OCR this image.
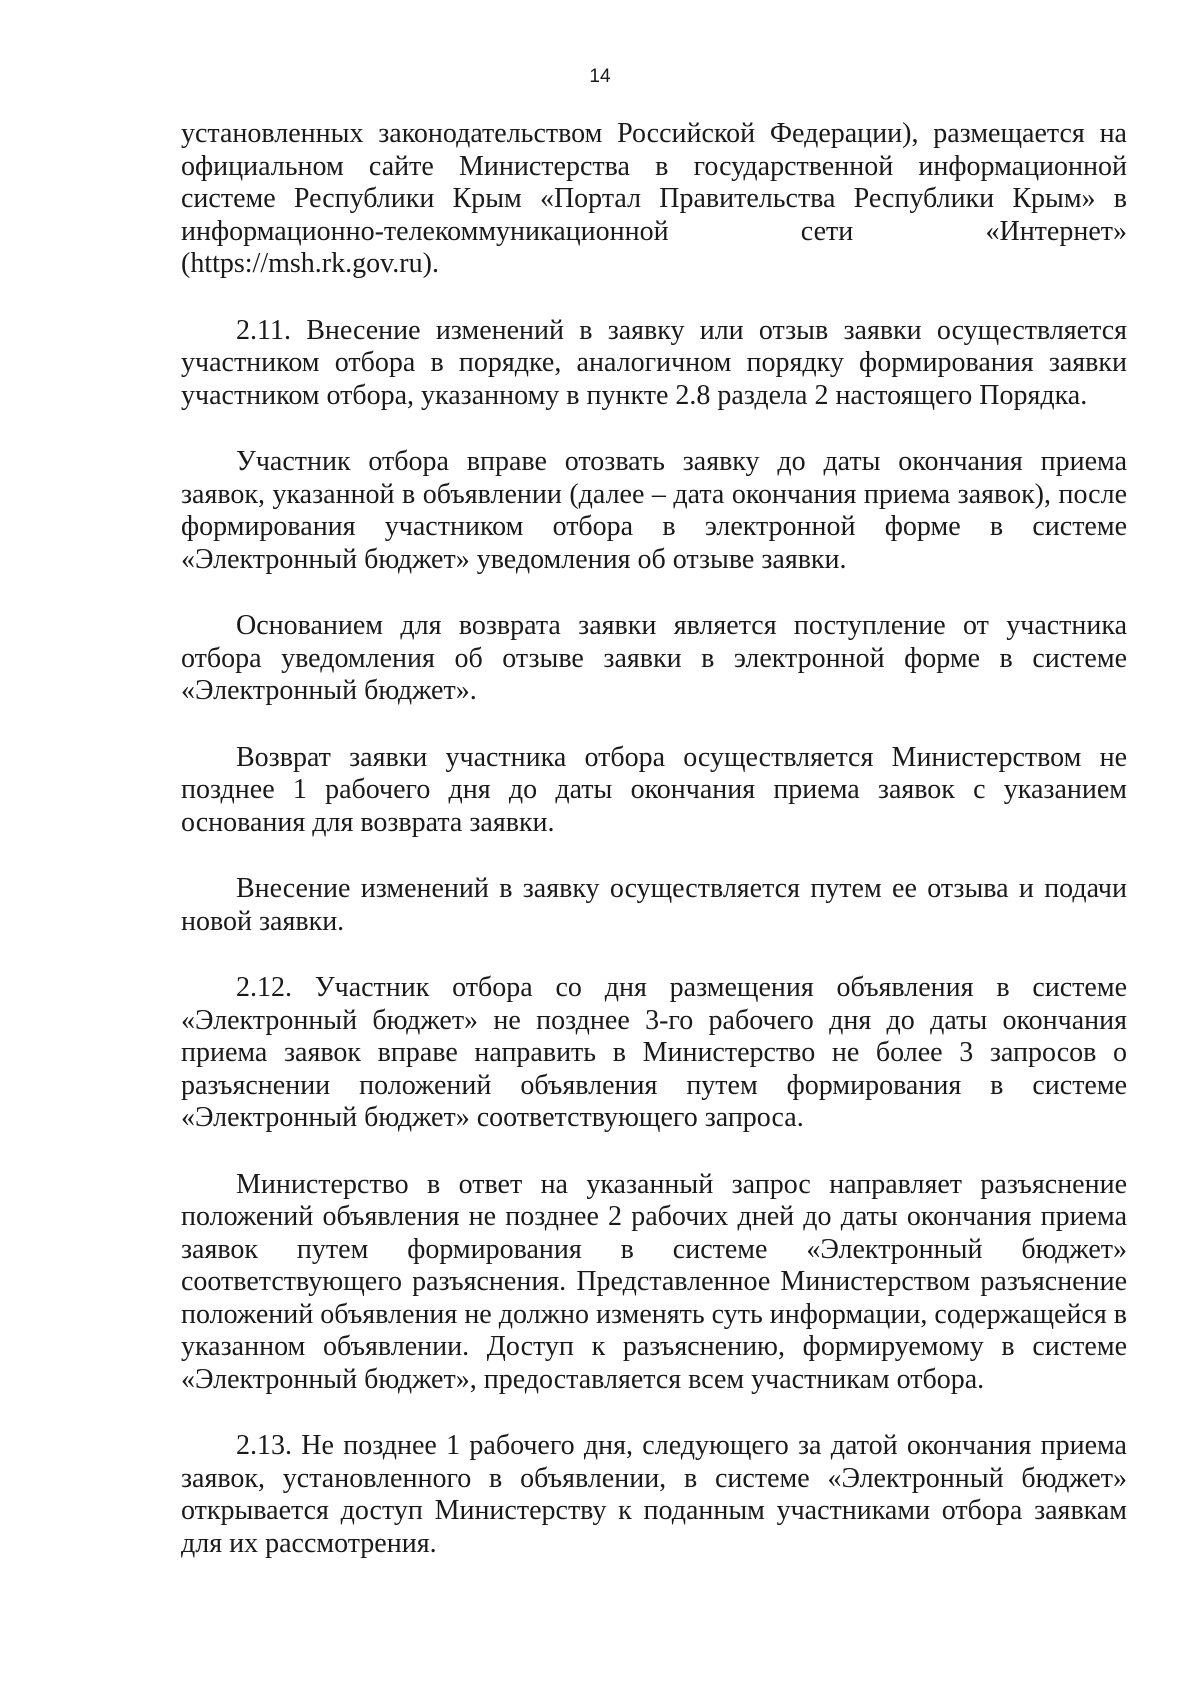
14

установленных законодательством Российской Федерации), размещается на официальном сайте Министерства в государственной информационной системе Республики Крым «Портал Правительства Республики Крым» в информационно-телекоммуникационной сети «Интернет» (https://msh.rk.gov.ru).

2.11. Внесение изменений в заявку или отзыв заявки осуществляется участником отбора в порядке, аналогичном порядку формирования заявки участником отбора, указанному в пункте 2.8 раздела 2 настоящего Порядка.

Участник отбора вправе отозвать заявку до даты окончания приема заявок, указанной в объявлении (далее – дата окончания приема заявок), после формирования участником отбора в электронной форме в системе «Электронный бюджет» уведомления об отзыве заявки.

Основанием для возврата заявки является поступление от участника отбора уведомления об отзыве заявки в электронной форме в системе «Электронный бюджет».

Возврат заявки участника отбора осуществляется Министерством не позднее 1 рабочего дня до даты окончания приема заявок с указанием основания для возврата заявки.

Внесение изменений в заявку осуществляется путем ее отзыва и подачи новой заявки.

2.12. Участник отбора со дня размещения объявления в системе «Электронный бюджет» не позднее 3-го рабочего дня до даты окончания приема заявок вправе направить в Министерство не более 3 запросов о разъяснении положений объявления путем формирования в системе «Электронный бюджет» соответствующего запроса.

Министерство в ответ на указанный запрос направляет разъяснение положений объявления не позднее 2 рабочих дней до даты окончания приема заявок путем формирования в системе «Электронный бюджет» соответствующего разъяснения. Представленное Министерством разъяснение положений объявления не должно изменять суть информации, содержащейся в указанном объявлении. Доступ к разъяснению, формируемому в системе «Электронный бюджет», предоставляется всем участникам отбора.

2.13. Не позднее 1 рабочего дня, следующего за датой окончания приема заявок, установленного в объявлении, в системе «Электронный бюджет» открывается доступ Министерству к поданным участниками отбора заявкам для их рассмотрения.
